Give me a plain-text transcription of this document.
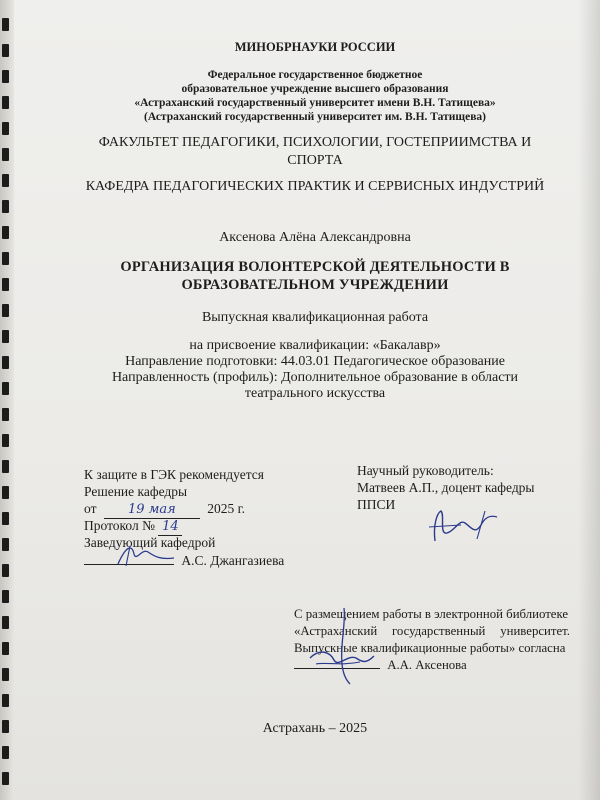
МИНОБРНАУКИ РОССИИ
Федеральное государственное бюджетное
образовательное учреждение высшего образования
«Астраханский государственный университет имени В.Н. Татищева»
(Астраханский государственный университет им. В.Н. Татищева)
ФАКУЛЬТЕТ ПЕДАГОГИКИ, ПСИХОЛОГИИ, ГОСТЕПРИИМСТВА И
СПОРТА
КАФЕДРА ПЕДАГОГИЧЕСКИХ ПРАКТИК И СЕРВИСНЫХ ИНДУСТРИЙ
Аксенова Алёна Александровна
ОРГАНИЗАЦИЯ ВОЛОНТЕРСКОЙ ДЕЯТЕЛЬНОСТИ В
ОБРАЗОВАТЕЛЬНОМ УЧРЕЖДЕНИИ
Выпускная квалификационная работа
на присвоение квалификации: «Бакалавр»
Направление подготовки: 44.03.01 Педагогическое образование
Направленность (профиль): Дополнительное образование в области
театрального искусства
К защите в ГЭК рекомендуется
Решение кафедры
от 19 мая 2025 г.
Протокол № 14
Заведующий кафедрой
А.С. Джангазиева
Научный руководитель:
Матвеев А.П., доцент кафедры
ППСИ
С размещением работы в электронной библиотеке
«Астраханский государственный университет.
Выпускные квалификационные работы» согласна
А.А. Аксенова
Астрахань – 2025
